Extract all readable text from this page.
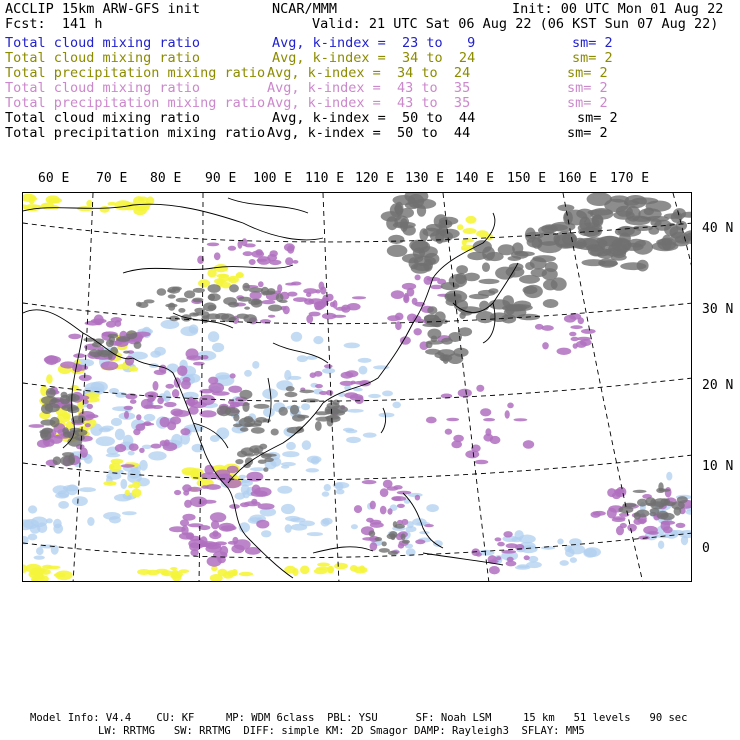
ACCLIP 15km ARW-GFS init	NCAR/MMM	Init: 00 UTC Mon 01 Aug 22
Fcst:  141 h	Valid: 21 UTC Sat 06 Aug 22 (06 KST Sun 07 Aug 22)
Total cloud mixing ratio	Avg, k-index =  23 to   9	sm= 2
Total cloud mixing ratio	Avg, k-index =  34 to  24	sm= 2
Total precipitation mixing ratio Avg, k-index =  34 to  24	sm= 2
Total cloud mixing ratio	Avg, k-index =  43 to  35	sm= 2
Total precipitation mixing ratio Avg, k-index =  43 to  35	sm= 2
Total cloud mixing ratio	Avg, k-index =  50 to  44	sm= 2
Total precipitation mixing ratio Avg, k-index =  50 to  44	sm= 2
60 E 70 E 80 E 90 E 100 E 110 E 120 E 130 E 140 E 150 E 160 E 170 E
40 N
30 N
20 N
10 N
0
Model Info: V4.4    CU: KF     MP: WDM 6class  PBL: YSU      SF: Noah LSM     15 km   51 levels   90 sec
LW: RRTMG   SW: RRTMG  DIFF: simple KM: 2D Smagor DAMP: Rayleigh3  SFLAY: MM5
